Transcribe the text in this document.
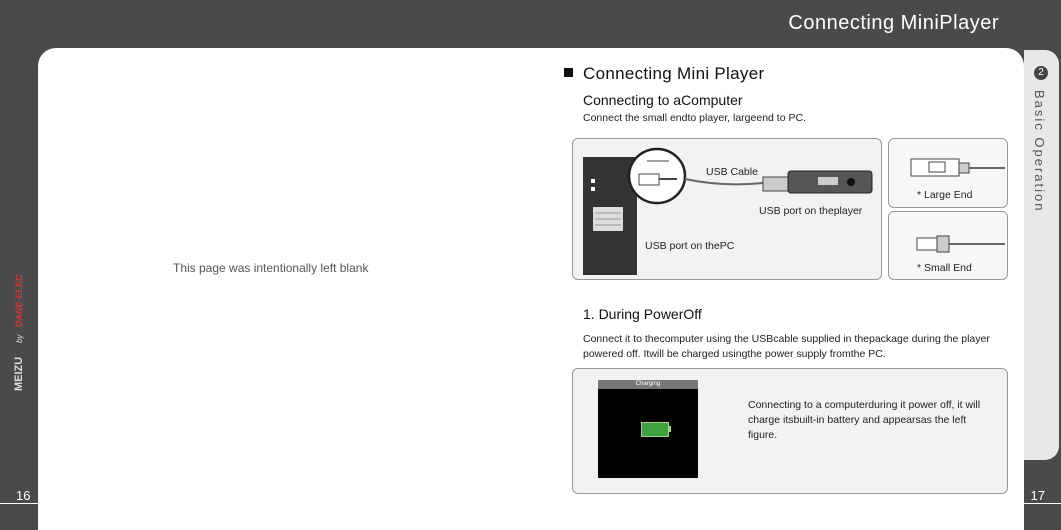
Connecting MiniPlayer
MEIZU
by
DANE-ELEC
2
Basic Operation
16	17
This page was intentionally left blank
Connecting Mini Player
Connecting to aComputer
Connect the small endto player, largeend to PC.
USB Cable
USB port on theplayer
USB port on thePC
* Large End
* Small End
1. During PowerOff
Connect it to thecomputer using the USBcable supplied in thepackage during the player powered off. Itwill be charged usingthe power supply fromthe PC.
Charging
Connecting to a computerduring it power off, it will charge itsbuilt-in battery and appearsas the left figure.
